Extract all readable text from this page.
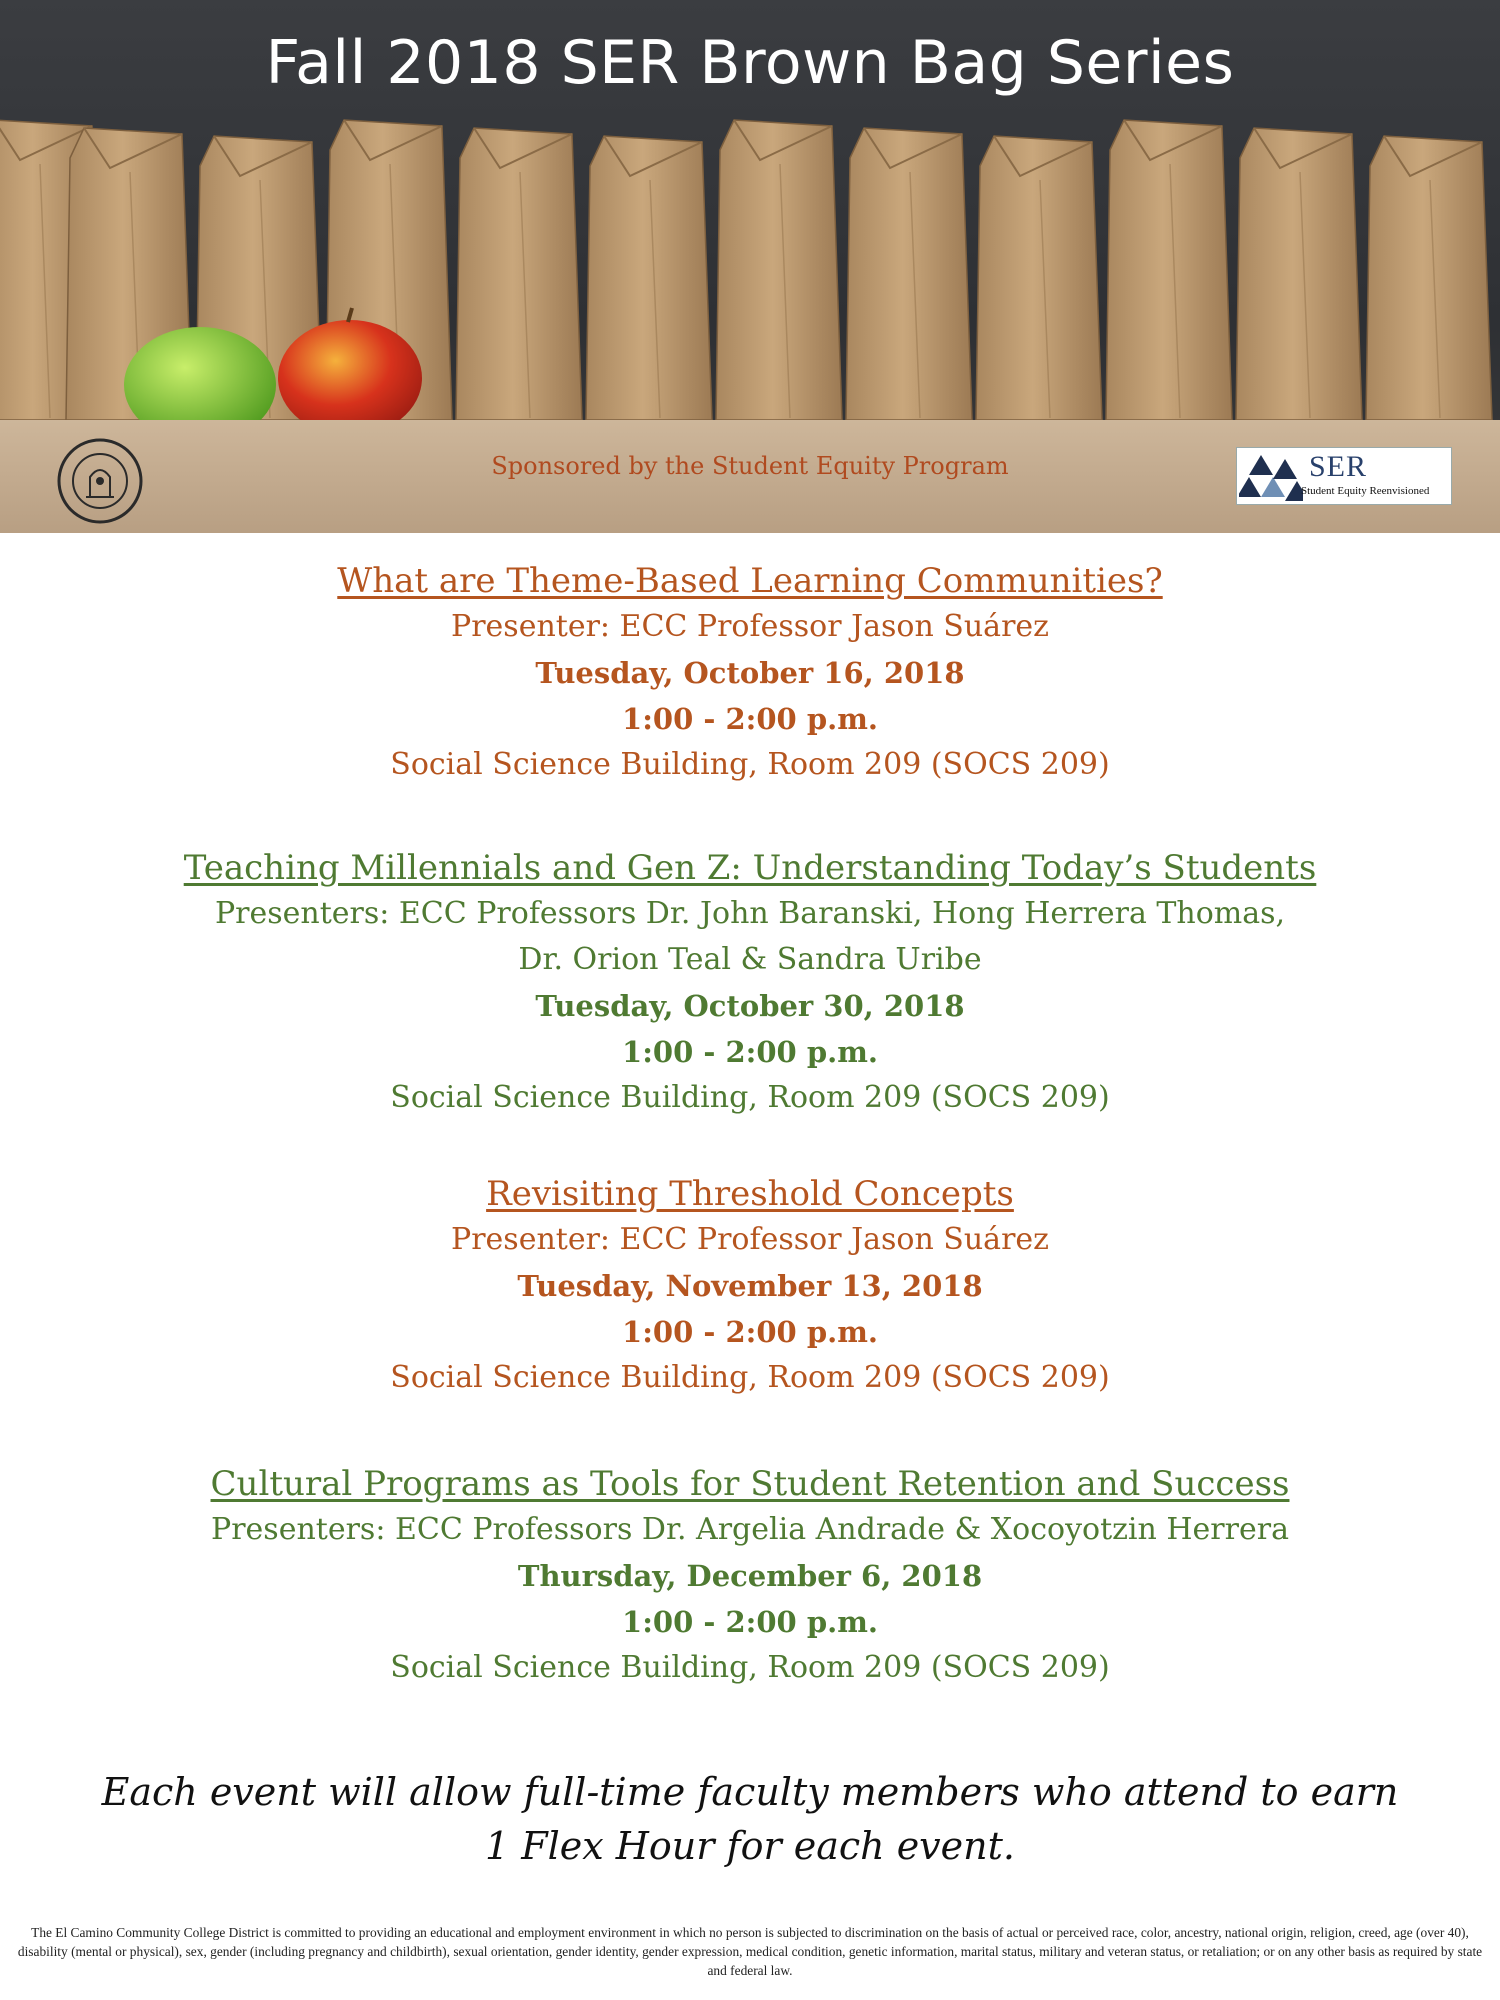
Fall 2018 SER Brown Bag Series
Sponsored by the Student Equity Program	SER
Student Equity Reenvisioned
What are Theme-Based Learning Communities?
Presenter: ECC Professor Jason Suárez
Tuesday, October 16, 2018
1:00 - 2:00 p.m.
Social Science Building, Room 209 (SOCS 209)
Teaching Millennials and Gen Z: Understanding Today’s Students
Presenters: ECC Professors Dr. John Baranski, Hong Herrera Thomas,
Dr. Orion Teal & Sandra Uribe
Tuesday, October 30, 2018
1:00 - 2:00 p.m.
Social Science Building, Room 209 (SOCS 209)
Revisiting Threshold Concepts
Presenter: ECC Professor Jason Suárez
Tuesday, November 13, 2018
1:00 - 2:00 p.m.
Social Science Building, Room 209 (SOCS 209)
Cultural Programs as Tools for Student Retention and Success
Presenters: ECC Professors Dr. Argelia Andrade & Xocoyotzin Herrera
Thursday, December 6, 2018
1:00 - 2:00 p.m.
Social Science Building, Room 209 (SOCS 209)
Each event will allow full-time faculty members who attend to earn
1 Flex Hour for each event.
The El Camino Community College District is committed to providing an educational and employment environment in which no person is subjected to discrimination on the basis of actual or perceived race, color, ancestry, national origin, religion, creed, age (over 40), disability (mental or physical), sex, gender (including pregnancy and childbirth), sexual orientation, gender identity, gender expression, medical condition, genetic information, marital status, military and veteran status, or retaliation; or on any other basis as required by state and federal law.
